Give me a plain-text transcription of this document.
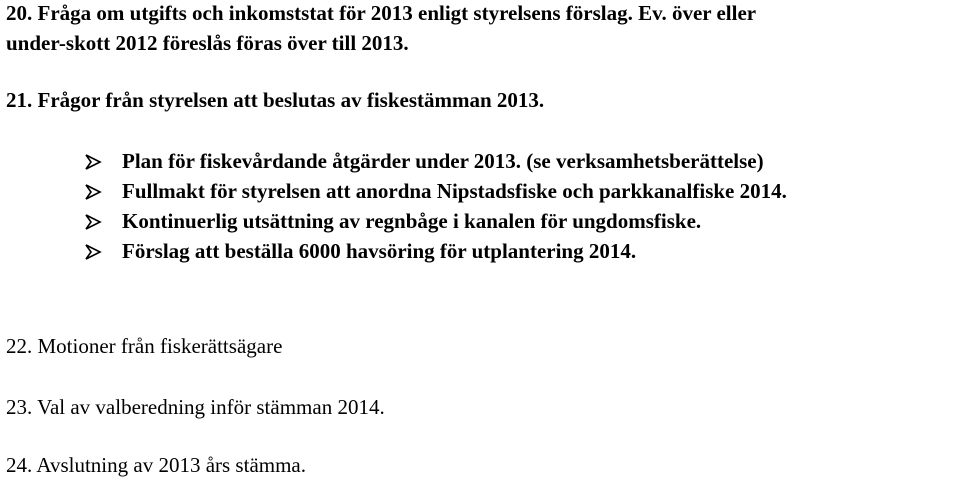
20. Fråga om utgifts och inkomststat för 2013 enligt styrelsens förslag. Ev. över eller

under-skott 2012 föreslås föras över till 2013.

21. Frågor från styrelsen att beslutas av fiskestämman 2013.

Plan för fiskevårdande åtgärder under 2013. (se verksamhetsberättelse)
Fullmakt för styrelsen att anordna Nipstadsfiske och parkkanalfiske 2014.
Kontinuerlig utsättning av regnbåge i kanalen för ungdomsfiske.
Förslag att beställa 6000 havsöring för utplantering 2014.

22. Motioner från fiskerättsägare

23. Val av valberedning inför stämman 2014.

24. Avslutning av 2013 års stämma.
